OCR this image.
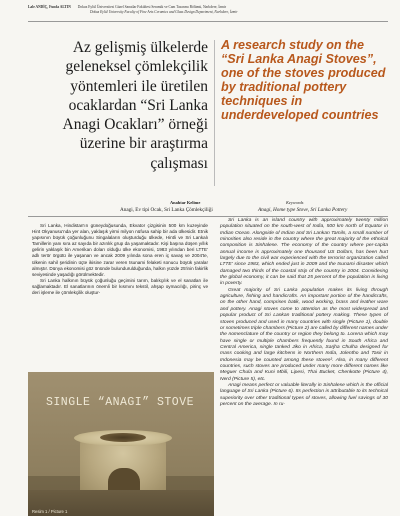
Lale ANDİÇ, Funda ALTIN Dokuz Eylül Üniversitesi Güzel Sanatlar Fakültesi Seramik ve Cam Tasarımı Bölümü, Narlıdere, İzmir
Dokuz Eylül University Faculty of Fine Arts Ceramics and Glass Design Department, Narlıdere, İzmir
Az gelişmiş ülkelerde geleneksel çömlekçilik yöntemleri ile üretilen ocaklardan “Sri Lanka Anagi Ocakları” örneği üzerine bir araştırma çalışması
A research study on the “Sri Lanka Anagi Stoves”, one of the stoves produced by traditional pottery techniques in underdeveloped countries
Anahtar Kelime
Anagi, Ev tipi Ocak, Sri Lanka Çömlekçiliği
Keywords
Anagi, Home type Stove, Sri Lanka Pottery

Sri Lanka, Hindistan'ın güneydoğusunda, Ekvator çizgisinin 500 km kuzeyinde Hint Okyanusu'nda yer alan, yaklaşık yirmi milyon nüfusa sahip bir ada ülkesidir. Etnik yapısının büyük çoğunluğunu Singalaların oluşturduğu ülkede, Hintli ve Sri Lankalı Tamillerin yanı sıra az sayıda bir azınlık grup da yaşamaktadır. Kişi başına düşen yıllık gelirin yaklaşık bin Amerikan doları olduğu ülke ekonomisi, 1983 yılından beri LTTE' adlı terör örgütü ile yaşanan ve ancak 2009 yılında sona eren iç savaş ve 2004'te, ülkenin sahil şeridinin üçte ikisine zarar veren tsunami felaketi sonucu büyük yaralar almıştır. Dünya ekonomisi göz önünde bulundurulduğunda, halkın yüzde 25'inin fakirlik seviyesinde yaşadığı görülmektedir.

Sri Lanka halkının büyük çoğunluğu geçimini tarım, balıkçılık ve el sanatları ile sağlamaktadır. El sanatlarının önemli bir kısmını tekstil, ahşap oymacılığı, pirinç ve deri işleme ile çömlekçilik oluştur-

SINGLE “ANAGI” STOVE
Resim 1 / Picture 1

Sri Lanka is an island country with approximately twenty million population situated on the south-west of India, 500 km north of Equator in Indian Ocean. Alongside of Indian and Sri Lankan Tamils, a small number of minorities also reside in the country where the great majority of the ethnical composition is Sinhalese. The economy of the country where per-capita annual income is approximately one thousand US Dollars, has been hurt largely due to the civil war experienced with the terrorist organization called LTTE' since 1983, which ended just in 2009 and the tsunami disaster which damaged two thirds of the coastal strip of the country in 2004. Considering the global economy, it can be said that 25 percent of the population is living in poverty.

Great majority of Sri Lanka population makes its living through agriculture, fishing and handicrafts. An important portion of the handicrafts, on the other hand, comprises batik, wood working, brass and leather ware and pottery. Anagi stoves come to attention as the most widespread and popular product of Sri Lankan traditional pottery making. These types of stoves produced and used in many countries with single (Picture 1), double or sometimes triple chambers (Picture 2) are called by different names under the nomenclature of the country or region they belong to. Lorena which may have single or multiple chambers frequently found in South Africa and Central America, single tanked Jiko in Africa, Sarjha Chulha designed for mass cooking and large kitchens in Northern India, Jolentho and Tasir in Indonesia may be counted among these stoves². Also, in many different countries, such stoves are produced under many more different names like Meguer Chula and Kuni Mbili, Lipesi, Thai Bucket, Chenkotte (Picture 4), Nerd (Picture 5), etc.

Anagi means perfect or valuable literally in Sinhalese which is the official language of Sri Lanka (Picture 6). Its perfection is attributable to its technical superiority over other traditional types of stoves, allowing fuel savings of 30 percent on the average. In ru-
